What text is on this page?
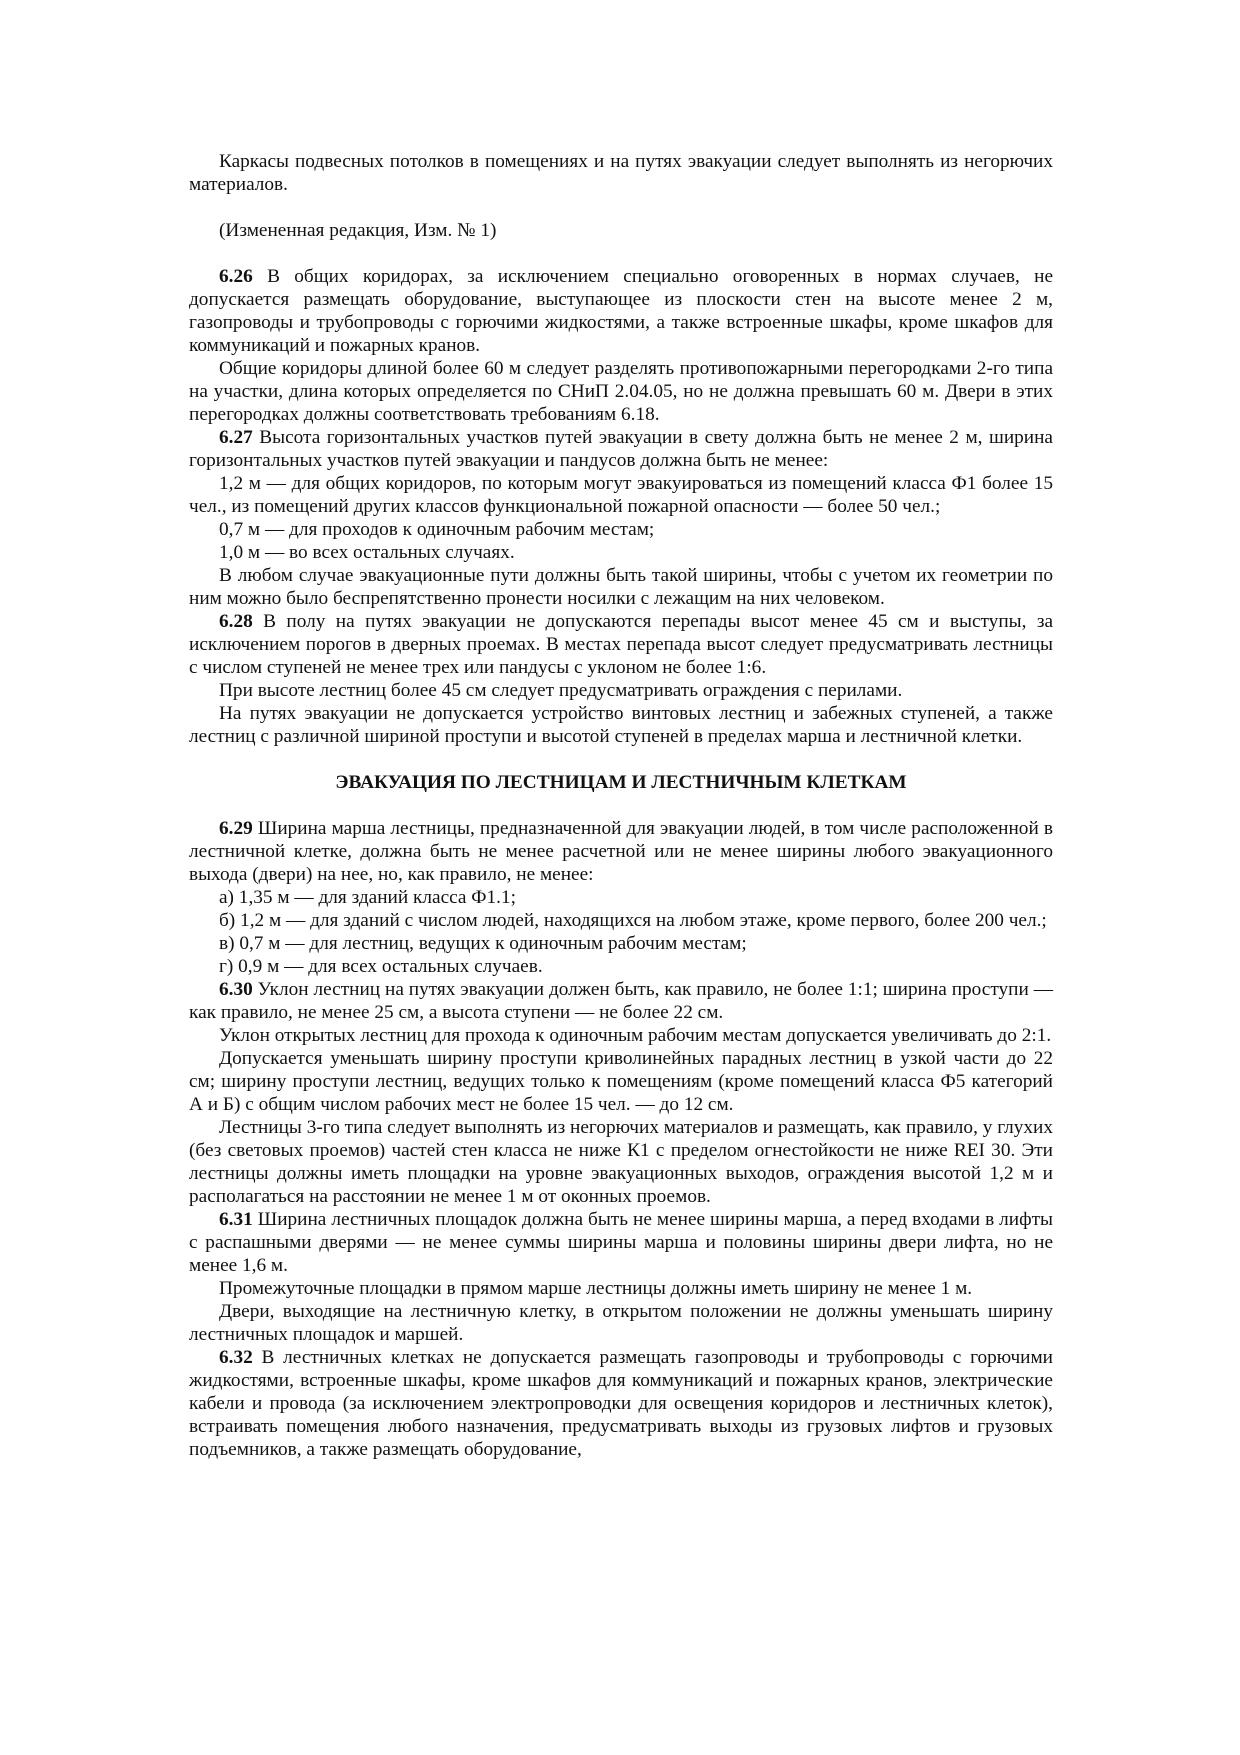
Каркасы подвесных потолков в помещениях и на путях эвакуации следует выполнять из негорючих материалов.

(Измененная редакция, Изм. № 1)

6.26 В общих коридорах, за исключением специально оговоренных в нормах случаев, не допускается размещать оборудование, выступающее из плоскости стен на высоте менее 2 м, газопроводы и трубопроводы с горючими жидкостями, а также встроенные шкафы, кроме шкафов для коммуникаций и пожарных кранов.

Общие коридоры длиной более 60 м следует разделять противопожарными перегородками 2-го типа на участки, длина которых определяется по СНиП 2.04.05, но не должна превышать 60 м. Двери в этих перегородках должны соответствовать требованиям 6.18.

6.27 Высота горизонтальных участков путей эвакуации в свету должна быть не менее 2 м, ширина горизонтальных участков путей эвакуации и пандусов должна быть не менее:

1,2 м — для общих коридоров, по которым могут эвакуироваться из помещений класса Ф1 более 15 чел., из помещений других классов функциональной пожарной опасности — более 50 чел.;

0,7 м — для проходов к одиночным рабочим местам;

1,0 м — во всех остальных случаях.

В любом случае эвакуационные пути должны быть такой ширины, чтобы с учетом их геометрии по ним можно было беспрепятственно пронести носилки с лежащим на них человеком.

6.28 В полу на путях эвакуации не допускаются перепады высот менее 45 см и выступы, за исключением порогов в дверных проемах. В местах перепада высот следует предусматривать лестницы с числом ступеней не менее трех или пандусы с уклоном не более 1:6.

При высоте лестниц более 45 см следует предусматривать ограждения с перилами.

На путях эвакуации не допускается устройство винтовых лестниц и забежных ступеней, а также лестниц с различной шириной проступи и высотой ступеней в пределах марша и лестничной клетки.

ЭВАКУАЦИЯ ПО ЛЕСТНИЦАМ И ЛЕСТНИЧНЫМ КЛЕТКАМ

6.29 Ширина марша лестницы, предназначенной для эвакуации людей, в том числе расположенной в лестничной клетке, должна быть не менее расчетной или не менее ширины любого эвакуационного выхода (двери) на нее, но, как правило, не менее:

а) 1,35 м — для зданий класса Ф1.1;

б) 1,2 м — для зданий с числом людей, находящихся на любом этаже, кроме первого, более 200 чел.;

в) 0,7 м — для лестниц, ведущих к одиночным рабочим местам;

г) 0,9 м — для всех остальных случаев.

6.30 Уклон лестниц на путях эвакуации должен быть, как правило, не более 1:1; ширина проступи — как правило, не менее 25 см, а высота ступени — не более 22 см.

Уклон открытых лестниц для прохода к одиночным рабочим местам допускается увеличивать до 2:1.

Допускается уменьшать ширину проступи криволинейных парадных лестниц в узкой части до 22 см; ширину проступи лестниц, ведущих только к помещениям (кроме помещений класса Ф5 категорий А и Б) с общим числом рабочих мест не более 15 чел. — до 12 см.

Лестницы 3-го типа следует выполнять из негорючих материалов и размещать, как правило, у глухих (без световых проемов) частей стен класса не ниже К1 с пределом огнестойкости не ниже REI 30. Эти лестницы должны иметь площадки на уровне эвакуационных выходов, ограждения высотой 1,2 м и располагаться на расстоянии не менее 1 м от оконных проемов.

6.31 Ширина лестничных площадок должна быть не менее ширины марша, а перед входами в лифты с распашными дверями — не менее суммы ширины марша и половины ширины двери лифта, но не менее 1,6 м.

Промежуточные площадки в прямом марше лестницы должны иметь ширину не менее 1 м.

Двери, выходящие на лестничную клетку, в открытом положении не должны уменьшать ширину лестничных площадок и маршей.

6.32 В лестничных клетках не допускается размещать газопроводы и трубопроводы с горючими жидкостями, встроенные шкафы, кроме шкафов для коммуникаций и пожарных кранов, электрические кабели и провода (за исключением электропроводки для освещения коридоров и лестничных клеток), встраивать помещения любого назначения, предусматривать выходы из грузовых лифтов и грузовых подъемников, а также размещать оборудование,
